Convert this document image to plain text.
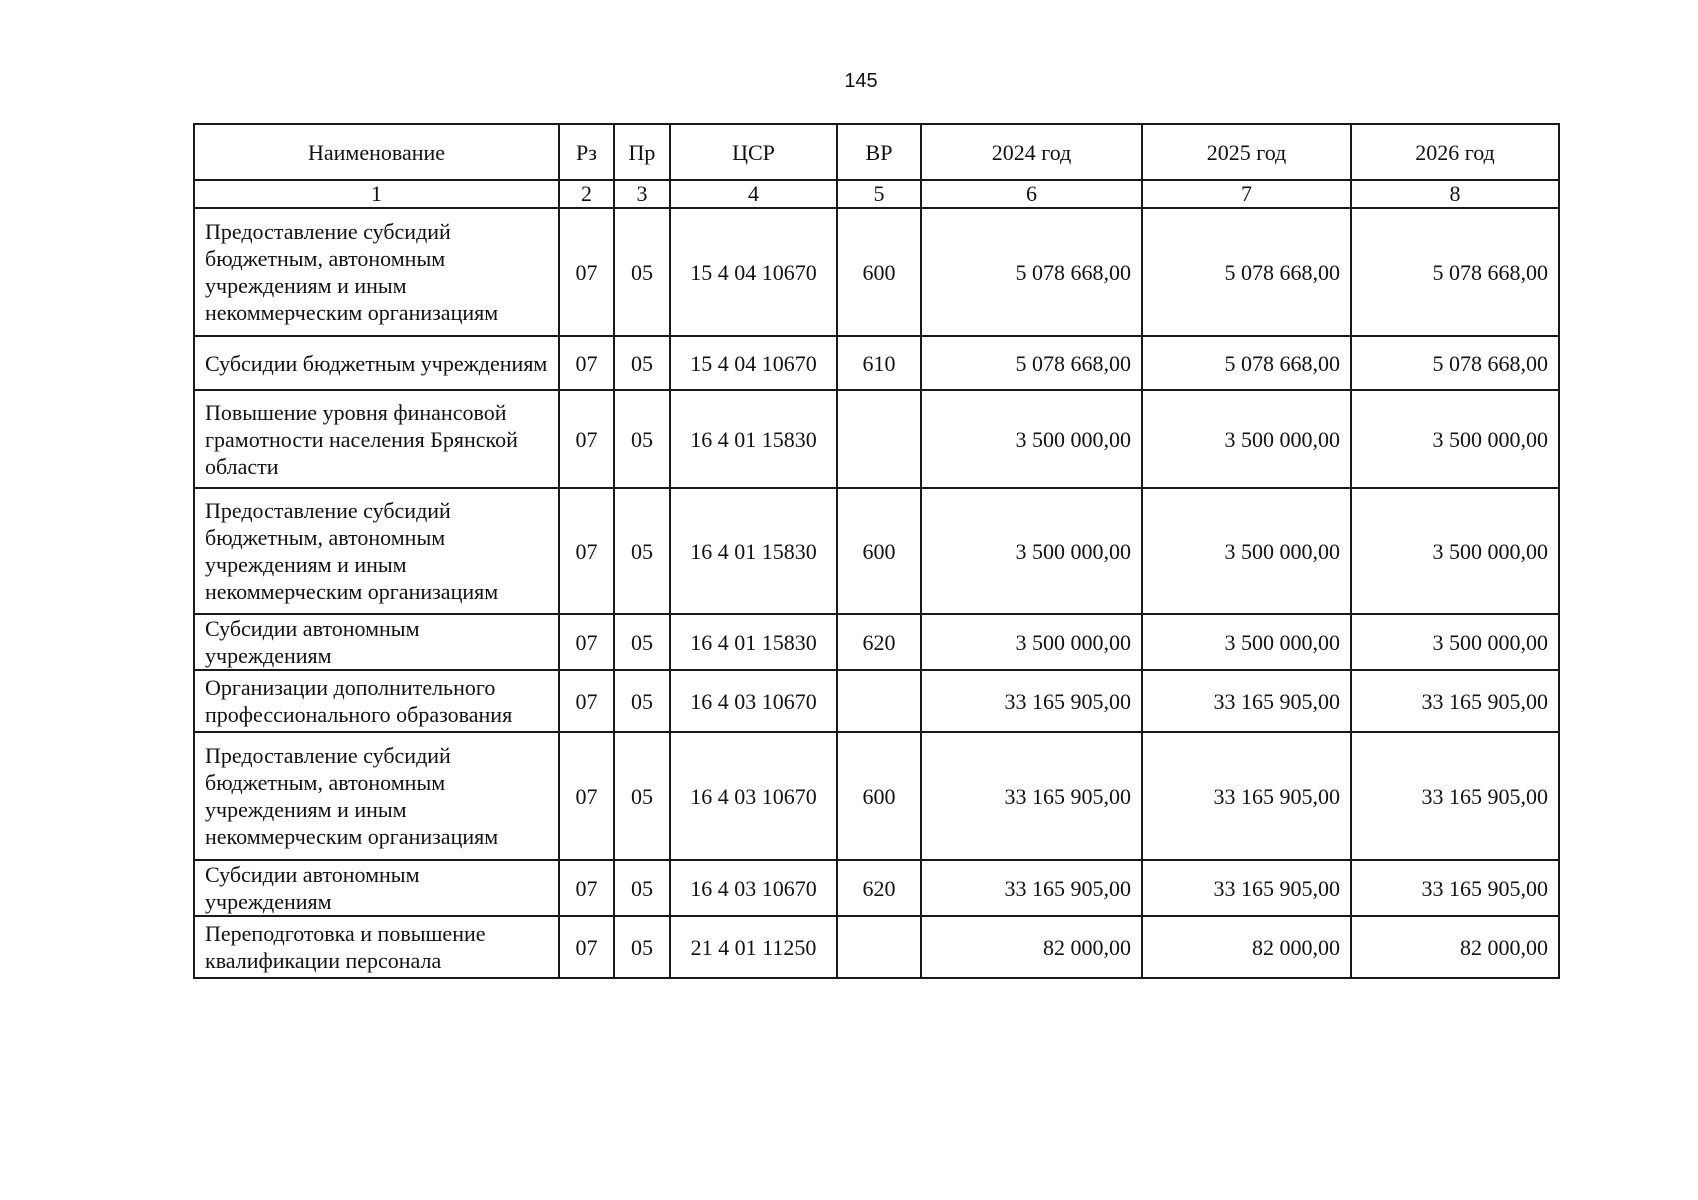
145
Наименование	Рз	Пр	ЦСР	ВР	2024 год	2025 год	2026 год
1	2	3	4	5	6	7	8
Предоставление субсидий бюджетным, автономным учреждениям и иным некоммерческим организациям	07	05	15 4 04 10670	600	5 078 668,00	5 078 668,00	5 078 668,00
Субсидии бюджетным учреждениям	07	05	15 4 04 10670	610	5 078 668,00	5 078 668,00	5 078 668,00
Повышение уровня финансовой грамотности населения Брянской области	07	05	16 4 01 15830		3 500 000,00	3 500 000,00	3 500 000,00
Предоставление субсидий бюджетным, автономным учреждениям и иным некоммерческим организациям	07	05	16 4 01 15830	600	3 500 000,00	3 500 000,00	3 500 000,00
Субсидии автономным учреждениям	07	05	16 4 01 15830	620	3 500 000,00	3 500 000,00	3 500 000,00
Организации дополнительного профессионального образования	07	05	16 4 03 10670		33 165 905,00	33 165 905,00	33 165 905,00
Предоставление субсидий бюджетным, автономным учреждениям и иным некоммерческим организациям	07	05	16 4 03 10670	600	33 165 905,00	33 165 905,00	33 165 905,00
Субсидии автономным учреждениям	07	05	16 4 03 10670	620	33 165 905,00	33 165 905,00	33 165 905,00
Переподготовка и повышение квалификации персонала	07	05	21 4 01 11250		82 000,00	82 000,00	82 000,00
